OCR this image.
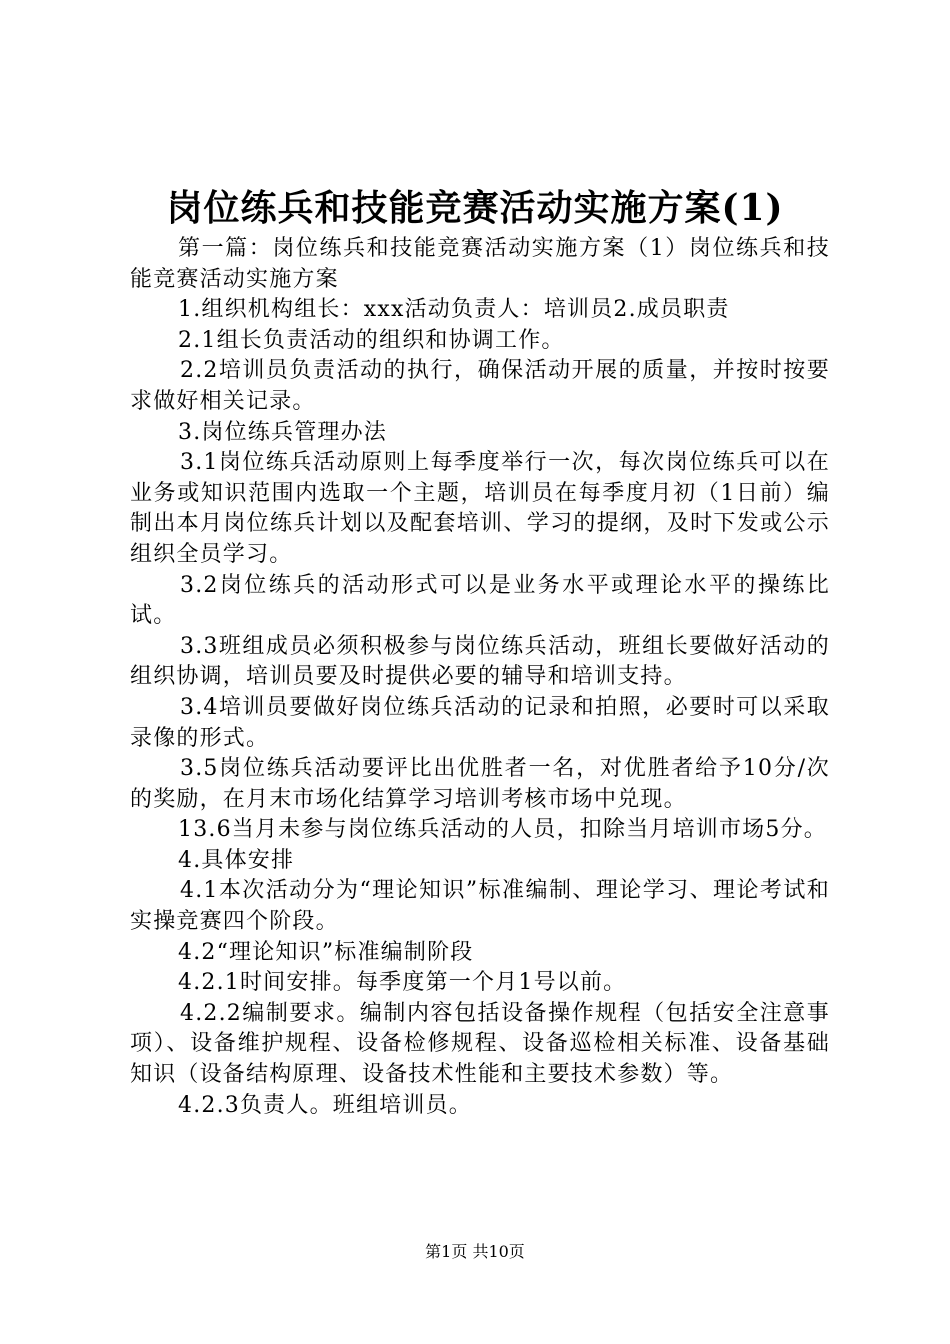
岗位练兵和技能竞赛活动实施方案(1)

第一篇：岗位练兵和技能竞赛活动实施方案（1）岗位练兵和技能竞赛活动实施方案

1.组织机构组长：xxx活动负责人：培训员2.成员职责

2.1组长负责活动的组织和协调工作。

2.2培训员负责活动的执行，确保活动开展的质量，并按时按要求做好相关记录。

3.岗位练兵管理办法

3.1岗位练兵活动原则上每季度举行一次，每次岗位练兵可以在业务或知识范围内选取一个主题，培训员在每季度月初（1日前）编制出本月岗位练兵计划以及配套培训、学习的提纲，及时下发或公示组织全员学习。

3.2岗位练兵的活动形式可以是业务水平或理论水平的操练比试。

3.3班组成员必须积极参与岗位练兵活动，班组长要做好活动的组织协调，培训员要及时提供必要的辅导和培训支持。

3.4培训员要做好岗位练兵活动的记录和拍照，必要时可以采取录像的形式。

3.5岗位练兵活动要评比出优胜者一名，对优胜者给予10分/次的奖励，在月末市场化结算学习培训考核市场中兑现。

13.6当月未参与岗位练兵活动的人员，扣除当月培训市场5分。

4.具体安排

4.1本次活动分为“理论知识”标准编制、理论学习、理论考试和实操竞赛四个阶段。

4.2“理论知识”标准编制阶段

4.2.1时间安排。每季度第一个月1号以前。

4.2.2编制要求。编制内容包括设备操作规程（包括安全注意事项）、设备维护规程、设备检修规程、设备巡检相关标准、设备基础知识（设备结构原理、设备技术性能和主要技术参数）等。

4.2.3负责人。班组培训员。

第1页 共10页
